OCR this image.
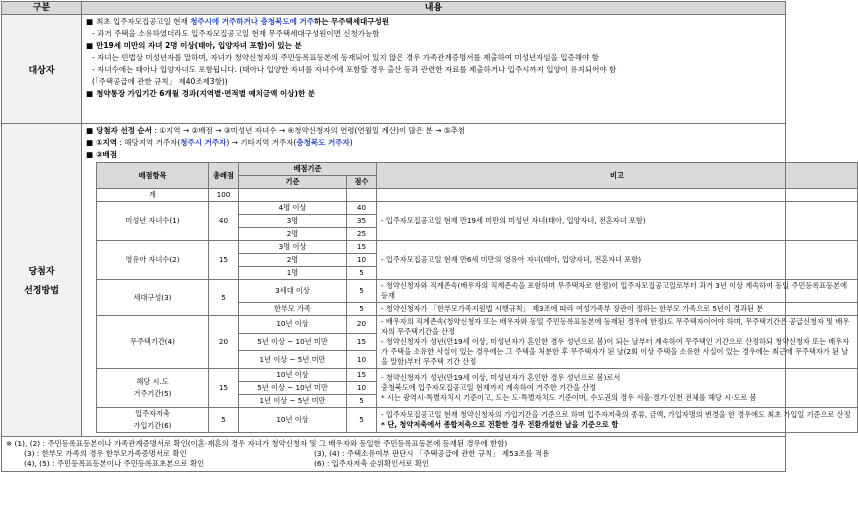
구분	내용
대상자	
■ 최초 입주자모집공고일 현재 청주시에 거주하거나 충청북도에 거주하는 무주택세대구성원
- 과거 주택을 소유하였더라도 입주자모집공고일 현재 무주택세대구성원이면 신청가능함
■ 만19세 미만의 자녀 2명 이상(태아, 입양자녀 포함)이 있는 분
- 자녀는 민법상 미성년자를 말하며, 자녀가 청약신청자의 주민등록표등본에 등재되어 있지 않은 경우 가족관계증명서를 제출하여 미성년자임을 입증해야 함
- 자녀수에는 태아나 입양자녀도 포함됩니다. (태아나 입양한 자녀를 자녀수에 포함할 경우 출산 등과 관련한 자료를 제출하거나 입주시까지 입양이 유지되어야 함
(「주택공급에 관한 규칙」 제40조제3항))
■ 청약통장 가입기간 6개월 경과(지역별·면적별 예치금액 이상)한 분

당첨자
선정방법

■ 당첨자 선정 순서 : ①지역 → ②배점 → ③미성년 자녀수 → ④청약신청자의 연령(연월일 계산)이 많은 분 → ⑤추첨
■ ①지역 : 해당지역 거주자(청주시 거주자) → 기타지역 거주자(충청북도 거주자)
■ ②배점
배점항목	총배점	배점기준	비고
기준	점수
계	100			
미성년 자녀수(1)	40	4명 이상	40	- 입주자모집공고일 현재 만19세 미만의 미성년 자녀(태아, 입양자녀, 전혼자녀 포함)
3명	35
2명	25
영유아 자녀수(2)	15	3명 이상	15	- 입주자모집공고일 현재 만6세 미만의 영유아 자녀(태아, 입양자녀, 전혼자녀 포함)
2명	10
1명	5
세대구성(3)	5	3세대 이상	5	- 청약신청자와 직계존속(배우자의 직계존속을 포함하며 무주택자로 한정)이 입주자모집공고일로부터 과거 3년 이상 계속하여 동일 주민등록표등본에 등재
한부모 가족	5	- 청약신청자가 「한부모가족지원법 시행규칙」 제3조에 따라 여성가족부 장관이 정하는 한부모 가족으로 5년이 경과된 분
무주택기간(4)	20	10년 이상	20	- 배우자의 직계존속(청약신청자 또는 배우자와 동일 주민등록표등본에 등재된 경우에 한정)도 무주택자이어야 하며, 무주택기간은 공급신청자 및 배우자의 무주택기간을 산정
- 청약신청자가 성년(만19세 이상, 미성년자가 혼인한 경우 성년으로 봄)이 되는 날부터 계속하여 무주택인 기간으로 산정하되 청약신청자 또는 배우자가 주택을 소유한 사실이 있는 경우에는 그 주택을 처분한 후 무주택자가 된 날(2회 이상 주택을 소유한 사실이 있는 경우에는 최근에 무주택자가 된 날을 말함)부터 무주택 기간 산정

5년 이상 ~ 10년 미만	15
1년 이상 ~ 5년 미만	10

해당 시.도
거주기간(5)
	15	10년 이상	15	- 청약신청자가 성년(만19세 이상, 미성년자가 혼인한 경우 성년으로 봄)로서
충청북도에 입주자모집공고일 현재까지 계속하여 거주한 기간을 산정
* 시는 광역시·특별자치시 기준이고, 도는 도·특별자치도 기준이며, 수도권의 경우 서울·경기·인천 전체를 해당 시·도로 봄

5년 이상 ~ 10년 미만	10
1년 이상 ~ 5년 미만	5

입주자저축
가입기간(6)
	5	10년 이상	5	
- 입주자모집공고일 현재 청약신청자의 가입기간을 기준으로 하며 입주자저축의 종류, 금액, 가입자명의 변경을 한 경우에도 최초 가입일 기준으로 산정
* 단, 청약저축에서 종합저축으로 전환한 경우 전환개설한 날을 기준으로 함

※ (1), (2) : 주민등록표등본이나 가족관계증명서로 확인(이혼·재혼의 경우 자녀가 청약신청자 및 그 배우자와 동일한 주민등록표등본에 등재된 경우에 한함)
(3) : 한부모 가족의 경우 한부모가족증명서로 확인	(3), (4) : 주택소유여부 판단시 「주택공급에 관한 규칙」 제53조를 적용
(4), (5) : 주민등록표등본이나 주민등록표초본으로 확인	(6) : 입주자저축 순위확인서로 확인
